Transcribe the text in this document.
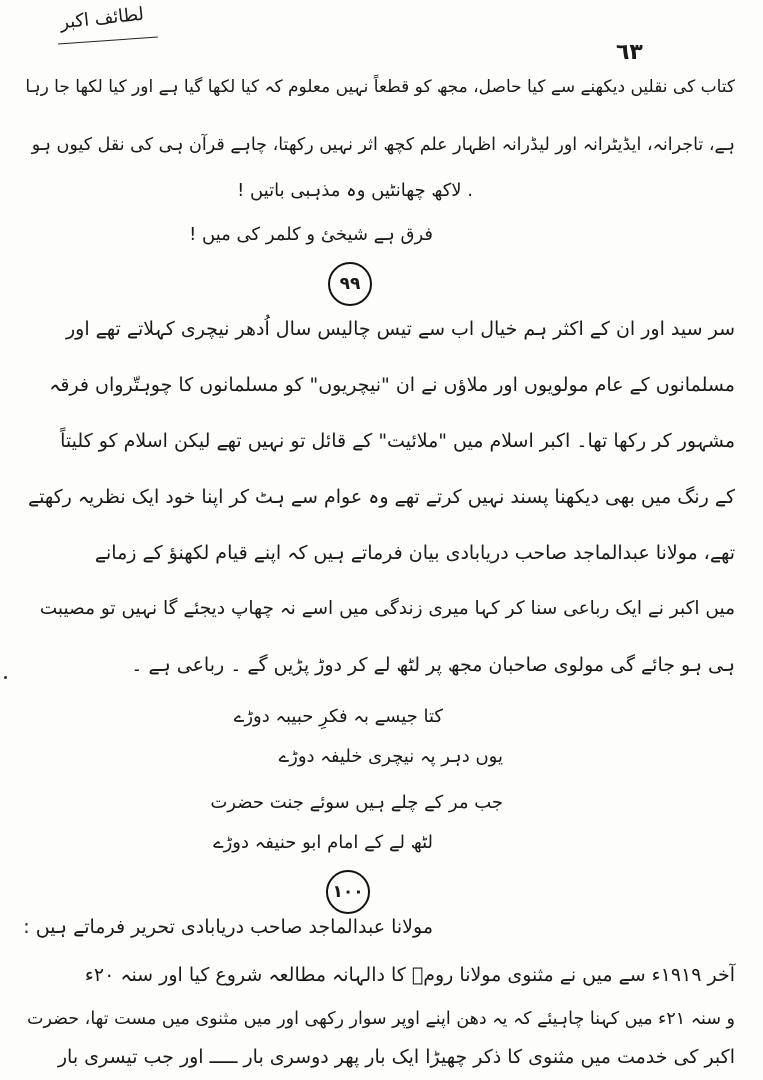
لطائف اکبر
٦٣
کتاب کی نقلیں دیکھنے سے کیا حاصل، مجھ کو قطعاً نہیں معلوم کہ کیا لکھا گیا ہے اور کیا لکھا جا رہا
ہے، تاجرانہ، ایڈیٹرانہ اور لیڈرانہ اظہار علم کچھ اثر نہیں رکھتا، چاہے قرآن ہی کی نقل کیوں ہو
. لاکھ چھانٹیں وہ مذہبی باتیں !
فرق ہے شیخیٔ و کلمر کی میں !
٩٩
سر سید اور ان کے اکثر ہم خیال اب سے تیس چالیس سال اُدھر نیچری کہلاتے تھے اور
مسلمانوں کے عام مولویوں اور ملاؤں نے ان "نیچریوں" کو مسلمانوں کا چوہتّرواں فرقہ
مشہور کر رکھا تھا۔ اکبر اسلام میں "ملائیت" کے قائل تو نہیں تھے لیکن اسلام کو کلیتاً
کے رنگ میں بھی دیکھنا پسند نہیں کرتے تھے وہ عوام سے ہٹ کر اپنا خود ایک نظریہ رکھتے
تھے، مولانا عبدالماجد صاحب دریابادی بیان فرماتے ہیں کہ اپنے قیام لکھنؤ کے زمانے
میں اکبر نے ایک رباعی سنا کر کہا میری زندگی میں اسے نہ چھاپ دیجئے گا نہیں تو مصیبت
ہی ہو جائے گی مولوی صاحبان مجھ پر لٹھ لے کر دوڑ پڑیں گے ۔ رباعی ہے ۔
کتا جیسے بہ فکرِ حبیبہ دوڑے
یوں دہر پہ نیچری خلیفہ دوڑے
جب مر کے چلے ہیں سوئے جنت حضرت
لٹھ لے کے امام ابو حنیفہ دوڑے
١٠٠
مولانا عبدالماجد صاحب دریابادی تحریر فرماتے ہیں :
آخر ۱۹۱۹ء سے میں نے مثنوی مولانا رومؒ کا دالہانہ مطالعہ شروع کیا اور سنہ ۲۰ء
و سنہ ۲۱ء میں کہنا چاہیئے کہ یہ دھن اپنے اوپر سوار رکھی اور میں مثنوی میں مست تھا، حضرت
اکبر کی خدمت میں مثنوی کا ذکر چھیڑا ایک بار پھر دوسری بار ـــــ اور جب تیسری بار
